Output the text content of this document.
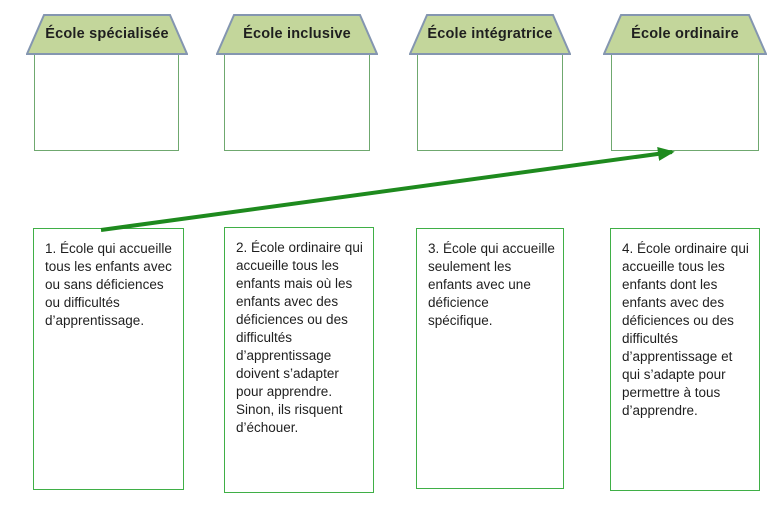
École spécialisée	École inclusive	École intégratrice	École ordinaire
1. École qui accueille tous les enfants avec ou sans déficiences ou difficultés d’apprentissage.
2. École ordinaire qui accueille tous les enfants mais où les enfants avec des déficiences ou des difficultés d’apprentissage doivent s’adapter pour apprendre. Sinon, ils risquent d’échouer.
3. École qui accueille seulement les enfants avec une déficience spécifique.
4. École ordinaire qui accueille tous les enfants dont les enfants avec des déficiences ou des difficultés d’apprentissage et qui s’adapte pour permettre à tous d’apprendre.
